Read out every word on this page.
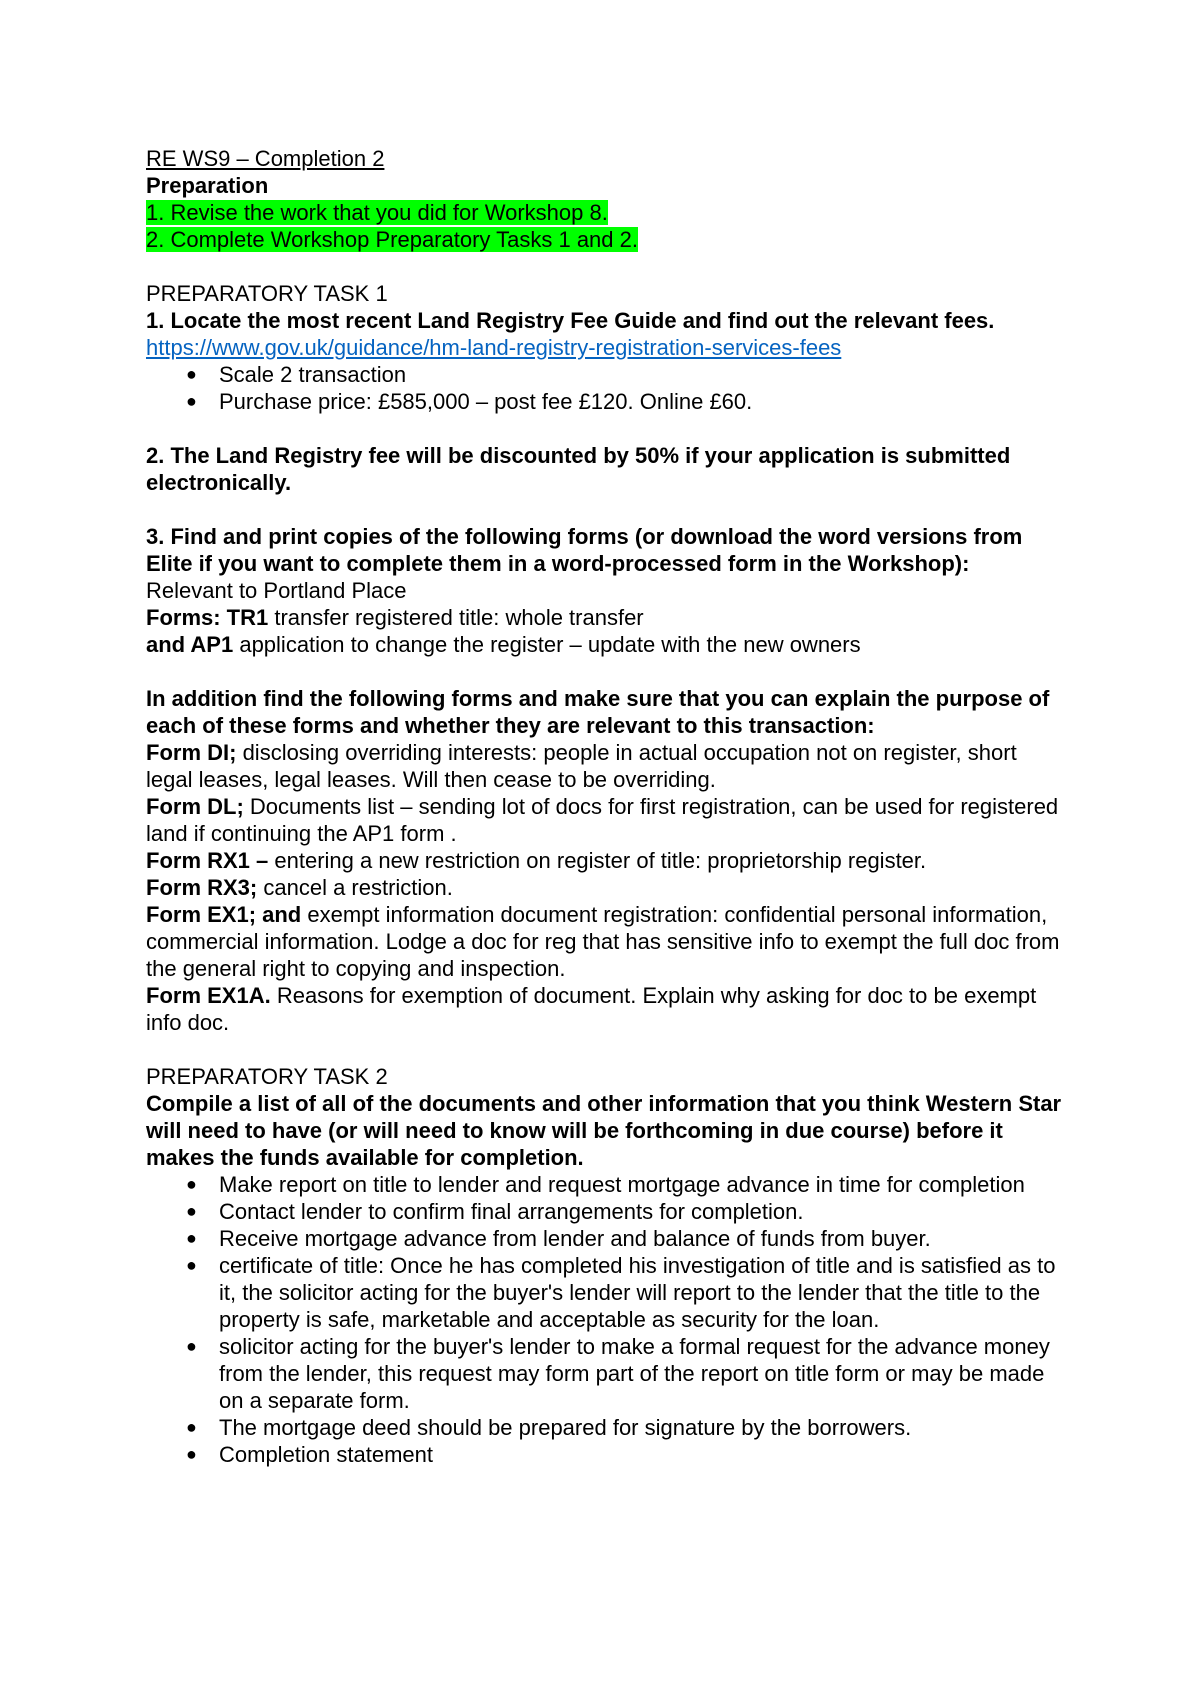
RE WS9 – Completion 2
Preparation
1. Revise the work that you did for Workshop 8.
2. Complete Workshop Preparatory Tasks 1 and 2.
PREPARATORY TASK 1
1. Locate the most recent Land Registry Fee Guide and find out the relevant fees.
https://www.gov.uk/guidance/hm-land-registry-registration-services-fees
● Scale 2 transaction
● Purchase price: £585,000 – post fee £120. Online £60.
2. The Land Registry fee will be discounted by 50% if your application is submitted electronically.
3. Find and print copies of the following forms (or download the word versions from Elite if you want to complete them in a word-processed form in the Workshop):
Relevant to Portland Place
Forms: TR1 transfer registered title: whole transfer
and AP1 application to change the register – update with the new owners
In addition find the following forms and make sure that you can explain the purpose of each of these forms and whether they are relevant to this transaction:
Form DI; disclosing overriding interests: people in actual occupation not on register, short legal leases, legal leases. Will then cease to be overriding.
Form DL; Documents list – sending lot of docs for first registration, can be used for registered land if continuing the AP1 form .
Form RX1 – entering a new restriction on register of title: proprietorship register.
Form RX3; cancel a restriction.
Form EX1; and exempt information document registration: confidential personal information, commercial information. Lodge a doc for reg that has sensitive info to exempt the full doc from the general right to copying and inspection.
Form EX1A. Reasons for exemption of document. Explain why asking for doc to be exempt info doc.
PREPARATORY TASK 2
Compile a list of all of the documents and other information that you think Western Star will need to have (or will need to know will be forthcoming in due course) before it makes the funds available for completion.
● Make report on title to lender and request mortgage advance in time for completion
● Contact lender to confirm final arrangements for completion.
● Receive mortgage advance from lender and balance of funds from buyer.
● certificate of title: Once he has completed his investigation of title and is satisfied as to it, the solicitor acting for the buyer's lender will report to the lender that the title to the property is safe, marketable and acceptable as security for the loan.
● solicitor acting for the buyer's lender to make a formal request for the advance money from the lender, this request may form part of the report on title form or may be made on a separate form.
● The mortgage deed should be prepared for signature by the borrowers.
● Completion statement
